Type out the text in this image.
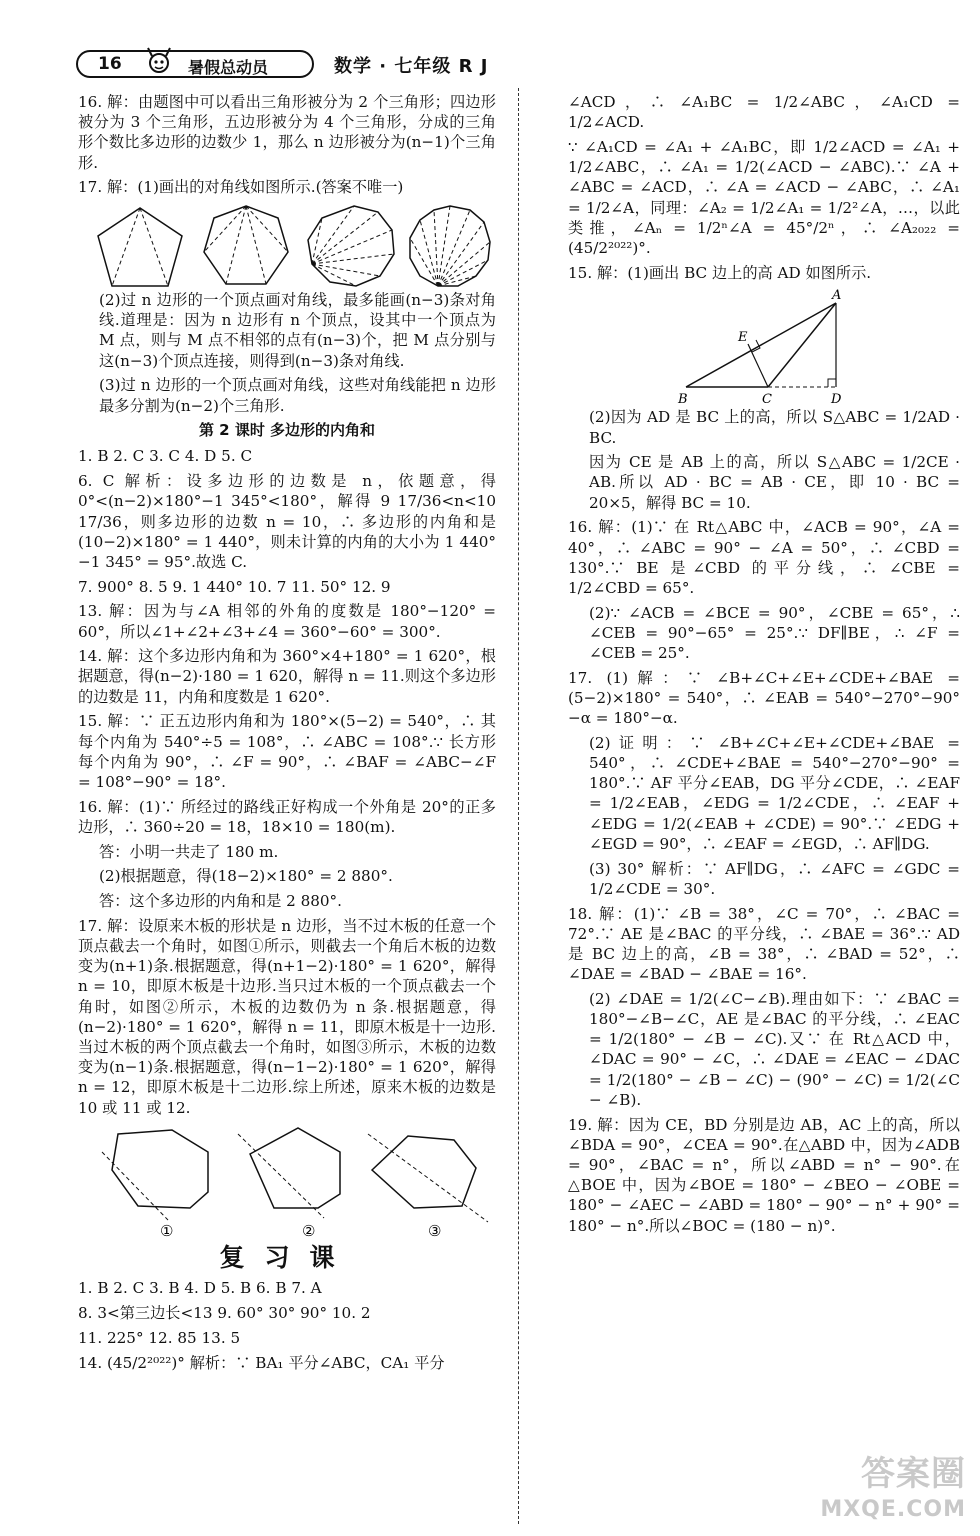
16	暑假总动员	数学 · 七年级 R J

16. 解：由题图中可以看出三角形被分为 2 个三角形；四边形被分为 3 个三角形，五边形被分为 4 个三角形，分成的三角形个数比多边形的边数少 1，那么 n 边形被分为(n−1)个三角形.

17. 解：(1)画出的对角线如图所示.(答案不唯一)

(2)过 n 边形的一个顶点画对角线，最多能画(n−3)条对角线.道理是：因为 n 边形有 n 个顶点，设其中一个顶点为 M 点，则与 M 点不相邻的点有(n−3)个，把 M 点分别与这(n−3)个顶点连接，则得到(n−3)条对角线.

(3)过 n 边形的一个顶点画对角线，这些对角线能把 n 边形最多分割为(n−2)个三角形.

第 2 课时 多边形的内角和

1. B 2. C 3. C 4. D 5. C

6. C 解析：设多边形的边数是 n，依题意，得 0°<(n−2)×180°−1 345°<180°，解得 9 17/36<n<10 17/36，则多边形的边数 n = 10，∴ 多边形的内角和是(10−2)×180° = 1 440°，则未计算的内角的大小为 1 440°−1 345° = 95°.故选 C.

7. 900° 8. 5 9. 1 440° 10. 7 11. 50° 12. 9

13. 解：因为与∠A 相邻的外角的度数是 180°−120° = 60°，所以∠1+∠2+∠3+∠4 = 360°−60° = 300°.

14. 解：这个多边形内角和为 360°×4+180° = 1 620°，根据题意，得(n−2)·180 = 1 620，解得 n = 11.则这个多边形的边数是 11，内角和度数是 1 620°.

15. 解：∵ 正五边形内角和为 180°×(5−2) = 540°，∴ 其每个内角为 540°÷5 = 108°，∴ ∠ABC = 108°.∵ 长方形每个内角为 90°，∴ ∠F = 90°，∴ ∠BAF = ∠ABC−∠F = 108°−90° = 18°.

16. 解：(1)∵ 所经过的路线正好构成一个外角是 20°的正多边形，∴ 360÷20 = 18，18×10 = 180(m).

答：小明一共走了 180 m.

(2)根据题意，得(18−2)×180° = 2 880°.

答：这个多边形的内角和是 2 880°.

17. 解：设原来木板的形状是 n 边形，当不过木板的任意一个顶点截去一个角时，如图①所示，则截去一个角后木板的边数变为(n+1)条.根据题意，得(n+1−2)·180° = 1 620°，解得 n = 10，即原木板是十边形.当只过木板的一个顶点截去一个角时，如图②所示，木板的边数仍为 n 条.根据题意，得(n−2)·180° = 1 620°，解得 n = 11，即原木板是十一边形.当过木板的两个顶点截去一个角时，如图③所示，木板的边数变为(n−1)条.根据题意，得(n−1−2)·180° = 1 620°，解得 n = 12，即原木板是十二边形.综上所述，原来木板的边数是 10 或 11 或 12.

①	②	③
复习课

1. B 2. C 3. B 4. D 5. B 6. B 7. A

8. 3<第三边长<13 9. 60° 30° 90° 10. 2

11. 225° 12. 85 13. 5

14. (45/2²⁰²²)° 解析：∵ BA₁ 平分∠ABC，CA₁ 平分

∠ACD，∴ ∠A₁BC = 1/2∠ABC，∠A₁CD = 1/2∠ACD.

∵ ∠A₁CD = ∠A₁ + ∠A₁BC，即 1/2∠ACD = ∠A₁ + 1/2∠ABC，∴ ∠A₁ = 1/2(∠ACD − ∠ABC).∵ ∠A + ∠ABC = ∠ACD，∴ ∠A = ∠ACD − ∠ABC，∴ ∠A₁ = 1/2∠A，同理：∠A₂ = 1/2∠A₁ = 1/2²∠A，…，以此类推，∠Aₙ = 1/2ⁿ∠A = 45°/2ⁿ，∴ ∠A₂₀₂₂ = (45/2²⁰²²)°.

15. 解：(1)画出 BC 边上的高 AD 如图所示.

A
E
B	C	D

(2)因为 AD 是 BC 上的高，所以 S△ABC = 1/2AD · BC.

因为 CE 是 AB 上的高，所以 S△ABC = 1/2CE · AB.所以 AD · BC = AB · CE，即 10 · BC = 20×5，解得 BC = 10.

16. 解：(1)∵ 在 Rt△ABC 中，∠ACB = 90°，∠A = 40°，∴ ∠ABC = 90° − ∠A = 50°，∴ ∠CBD = 130°.∵ BE 是∠CBD 的平分线，∴ ∠CBE = 1/2∠CBD = 65°.

(2)∵ ∠ACB = ∠BCE = 90°，∠CBE = 65°，∴ ∠CEB = 90°−65° = 25°.∵ DF∥BE，∴ ∠F = ∠CEB = 25°.

17. (1)解：∵ ∠B+∠C+∠E+∠CDE+∠BAE = (5−2)×180° = 540°，∴ ∠EAB = 540°−270°−90°−α = 180°−α.

(2)证明：∵ ∠B+∠C+∠E+∠CDE+∠BAE = 540°，∴ ∠CDE+∠BAE = 540°−270°−90° = 180°.∵ AF 平分∠EAB，DG 平分∠CDE，∴ ∠EAF = 1/2∠EAB，∠EDG = 1/2∠CDE，∴ ∠EAF + ∠EDG = 1/2(∠EAB + ∠CDE) = 90°.∵ ∠EDG + ∠EGD = 90°，∴ ∠EAF = ∠EGD，∴ AF∥DG.

(3) 30° 解析：∵ AF∥DG，∴ ∠AFC = ∠GDC = 1/2∠CDE = 30°.

18. 解：(1)∵ ∠B = 38°，∠C = 70°，∴ ∠BAC = 72°.∵ AE 是∠BAC 的平分线，∴ ∠BAE = 36°.∵ AD 是 BC 边上的高，∠B = 38°，∴ ∠BAD = 52°，∴ ∠DAE = ∠BAD − ∠BAE = 16°.

(2) ∠DAE = 1/2(∠C−∠B).理由如下：∵ ∠BAC = 180°−∠B−∠C，AE 是∠BAC 的平分线，∴ ∠EAC = 1/2(180° − ∠B − ∠C).又∵ 在 Rt△ACD 中，∠DAC = 90° − ∠C，∴ ∠DAE = ∠EAC − ∠DAC = 1/2(180° − ∠B − ∠C) − (90° − ∠C) = 1/2(∠C − ∠B).

19. 解：因为 CE，BD 分别是边 AB，AC 上的高，所以∠BDA = 90°，∠CEA = 90°.在△ABD 中，因为∠ADB = 90°，∠BAC = n°，所以∠ABD = n° − 90°.在△BOE 中，因为∠BOE = 180° − ∠BEO − ∠OBE = 180° − ∠AEC − ∠ABD = 180° − 90° − n° + 90° = 180° − n°.所以∠BOC = (180 − n)°.

答案圈
MXQE.COM
